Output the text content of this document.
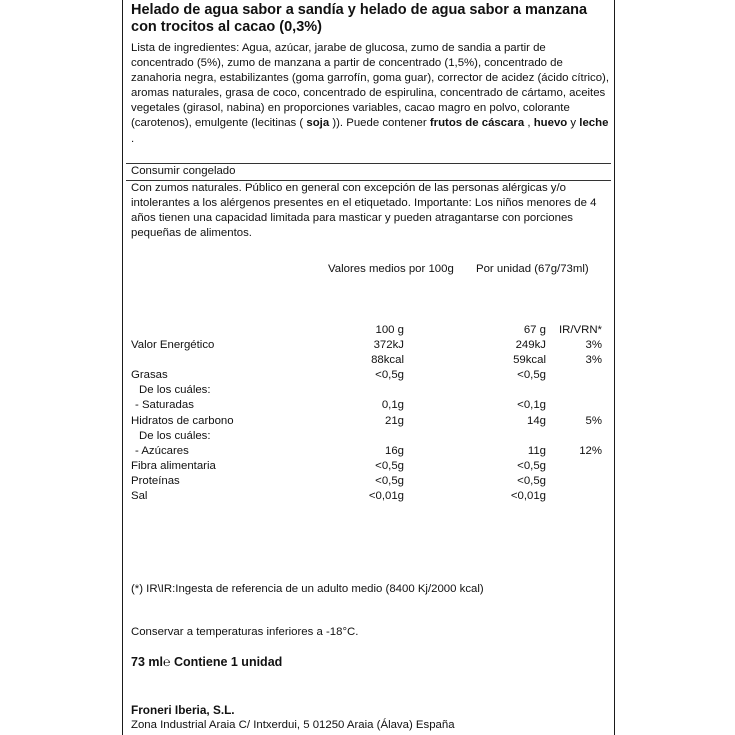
Helado de agua sabor a sandía y helado de agua sabor a manzana con trocitos al cacao (0,3%)

Lista de ingredientes: Agua, azúcar, jarabe de glucosa, zumo de sandia a partir de concentrado (5%), zumo de manzana a partir de concentrado (1,5%), concentrado de zanahoria negra, estabilizantes (goma garrofín, goma guar), corrector de acidez (ácido cítrico), aromas naturales, grasa de coco, concentrado de espirulina, concentrado de cártamo, aceites vegetales (girasol, nabina) en proporciones variables, cacao magro en polvo, colorante (carotenos), emulgente (lecitinas ( soja )). Puede contener frutos de cáscara , huevo y leche .

Consumir congelado

Con zumos naturales. Público en general con excepción de las personas alérgicas y/o intolerantes a los alérgenos presentes en el etiquetado. Importante: Los niños menores de 4 años tienen una capacidad limitada para masticar y pueden atragantarse con porciones pequeñas de alimentos.

Valores medios por 100g Por unidad (67g/73ml)
100 g	67 g IR/VRN*
Valor Energético	372kJ	249kJ	3%
88kcal	59kcal	3%
Grasas	<0,5g	<0,5g
De los cuáles:
- Saturadas	0,1g	<0,1g
Hidratos de carbono	21g	14g	5%
De los cuáles:
- Azúcares	16g	11g	12%
Fibra alimentaria	<0,5g	<0,5g
Proteínas	<0,5g	<0,5g
Sal	<0,01g	<0,01g

(*) IR\IR:Ingesta de referencia de un adulto medio (8400 Kj/2000 kcal)

Conservar a temperaturas inferiores a -18°C.

73 ml℮ Contiene 1 unidad

Froneri Iberia, S.L.

Zona Industrial Araia C/ Intxerdui, 5 01250 Araia (Álava) España
